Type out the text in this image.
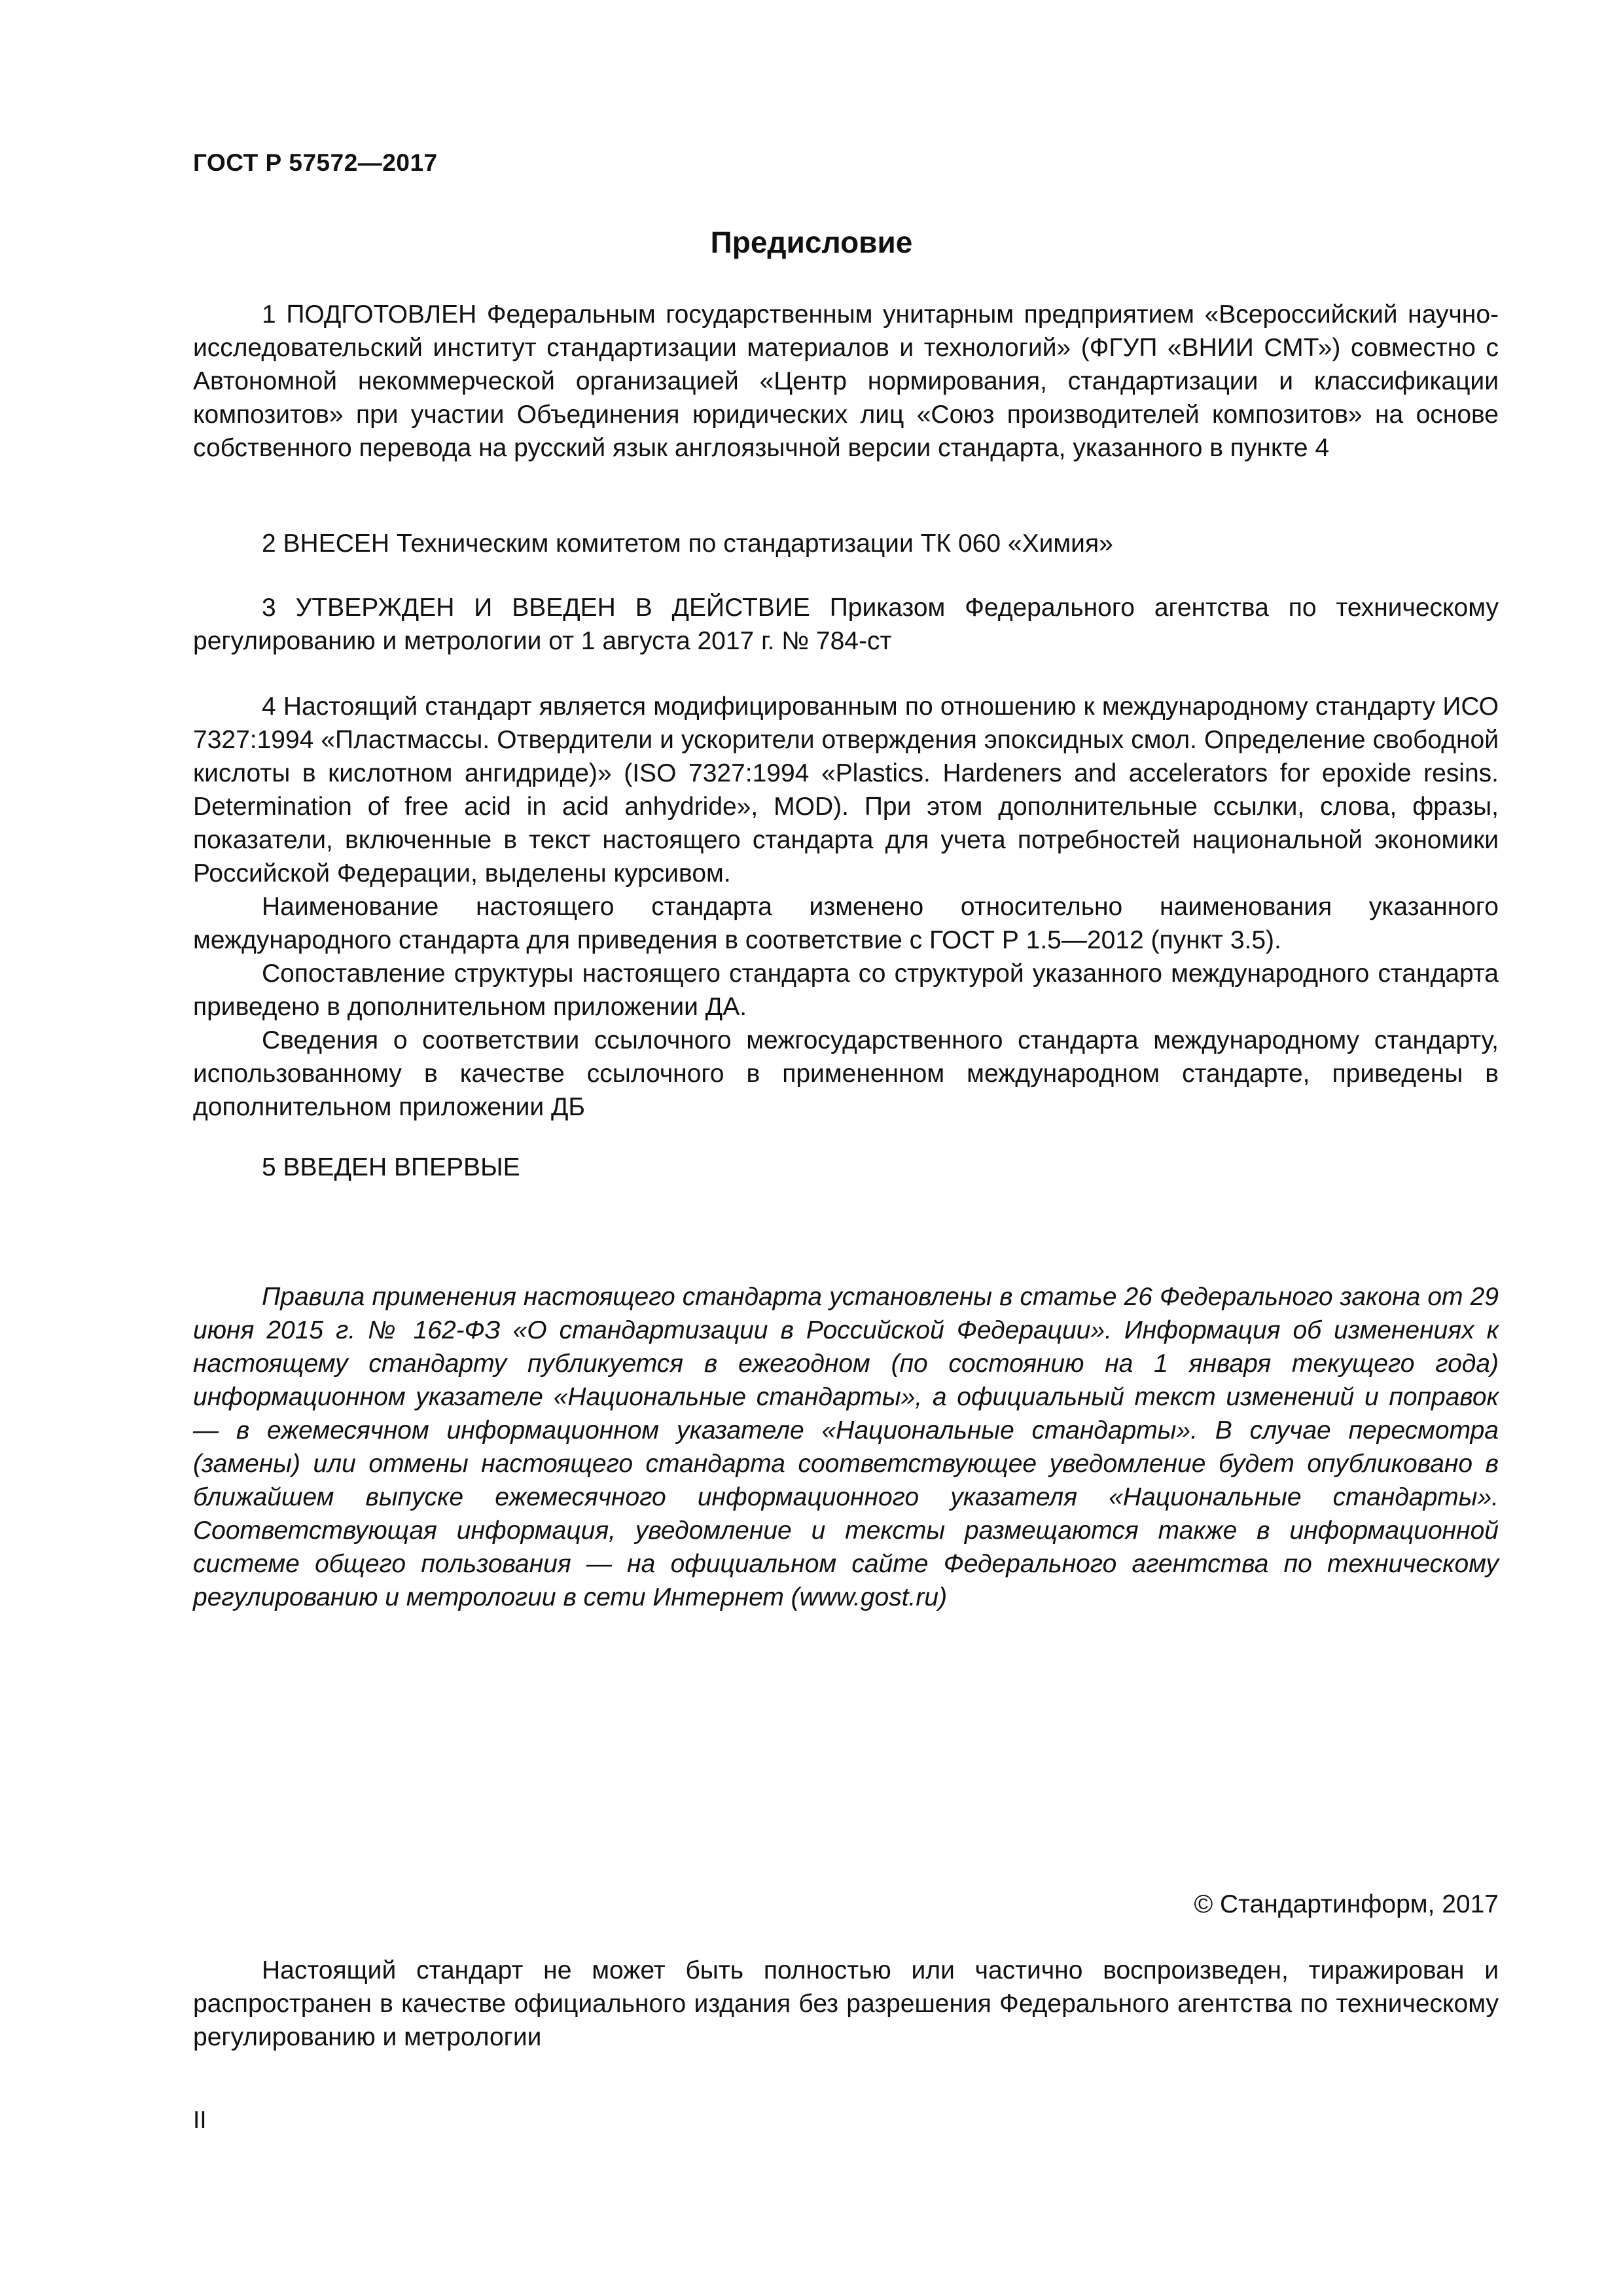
ГОСТ Р 57572—2017
Предисловие

1 ПОДГОТОВЛЕН Федеральным государственным унитарным предприятием «Всероссийский научно-исследовательский институт стандартизации материалов и технологий» (ФГУП «ВНИИ СМТ») совместно с Автономной некоммерческой организацией «Центр нормирования, стандартизации и классификации композитов» при участии Объединения юридических лиц «Союз производителей композитов» на основе собственного перевода на русский язык англоязычной версии стандарта, указанного в пункте 4

2 ВНЕСЕН Техническим комитетом по стандартизации ТК 060 «Химия»

3 УТВЕРЖДЕН И ВВЕДЕН В ДЕЙСТВИЕ Приказом Федерального агентства по техническому регулированию и метрологии от 1 августа 2017 г. № 784-ст

4 Настоящий стандарт является модифицированным по отношению к международному стандарту ИСО 7327:1994 «Пластмассы. Отвердители и ускорители отверждения эпоксидных смол. Определение свободной кислоты в кислотном ангидриде)» (ISO 7327:1994 «Plastics. Hardeners and accelerators for epoxide resins. Determination of free acid in acid anhydride», MOD). При этом дополнительные ссылки, слова, фразы, показатели, включенные в текст настоящего стандарта для учета потребностей национальной экономики Российской Федерации, выделены курсивом.

Наименование настоящего стандарта изменено относительно наименования указанного международного стандарта для приведения в соответствие с ГОСТ Р 1.5—2012 (пункт 3.5).

Сопоставление структуры настоящего стандарта со структурой указанного международного стандарта приведено в дополнительном приложении ДА.

Сведения о соответствии ссылочного межгосударственного стандарта международному стандарту, использованному в качестве ссылочного в примененном международном стандарте, приведены в дополнительном приложении ДБ

5 ВВЕДЕН ВПЕРВЫЕ

Правила применения настоящего стандарта установлены в статье 26 Федерального закона от 29 июня 2015 г. № 162-ФЗ «О стандартизации в Российской Федерации». Информация об изменениях к настоящему стандарту публикуется в ежегодном (по состоянию на 1 января текущего года) информационном указателе «Национальные стандарты», а официальный текст изменений и поправок — в ежемесячном информационном указателе «Национальные стандарты». В случае пересмотра (замены) или отмены настоящего стандарта соответствующее уведомление будет опубликовано в ближайшем выпуске ежемесячного информационного указателя «Национальные стандарты». Соответствующая информация, уведомление и тексты размещаются также в информационной системе общего пользования — на официальном сайте Федерального агентства по техническому регулированию и метрологии в сети Интернет (www.gost.ru)

© Стандартинформ, 2017

Настоящий стандарт не может быть полностью или частично воспроизведен, тиражирован и распространен в качестве официального издания без разрешения Федерального агентства по техническому регулированию и метрологии

II
